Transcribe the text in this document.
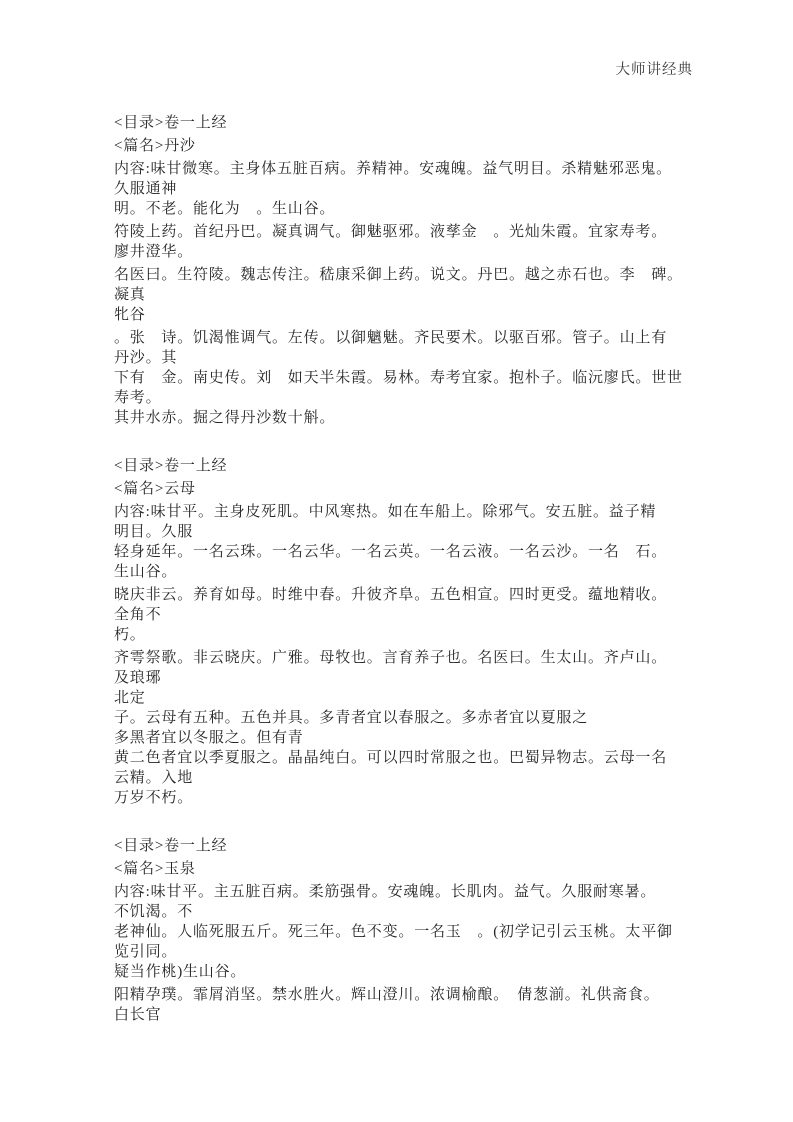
大师讲经典
<目录>卷一上经
<篇名>丹沙
内容:味甘微寒。主身体五脏百病。养精神。安魂魄。益气明目。杀精魅邪恶鬼。
久服通神
明。不老。能化为　。生山谷。
符陵上药。首纪丹巴。凝真调气。御魅驱邪。液孳金　。光灿朱霞。宜家寿考。
廖井澄华。
名医曰。生符陵。魏志传注。嵇康采御上药。说文。丹巴。越之赤石也。李　碑。
凝真
牝谷
。张　诗。饥渴惟调气。左传。以御魑魅。齐民要术。以驱百邪。管子。山上有
丹沙。其
下有　金。南史传。刘　如天半朱霞。易林。寿考宜家。抱朴子。临沅廖氏。世世
寿考。
其井水赤。掘之得丹沙数十斛。
<目录>卷一上经
<篇名>云母
内容:味甘平。主身皮死肌。中风寒热。如在车船上。除邪气。安五脏。益子精
明目。久服
轻身延年。一名云珠。一名云华。一名云英。一名云液。一名云沙。一名　石。
生山谷。
晓庆非云。养育如母。时维中春。升彼齐阜。五色相宣。四时更受。蕴地精收。
全角不
朽。
齐雩祭歌。非云晓庆。广雅。母牧也。言育养子也。名医曰。生太山。齐卢山。
及琅琊
北定
子。云母有五种。五色并具。多青者宜以春服之。多赤者宜以夏服之
多黑者宜以冬服之。但有青
黄二色者宜以季夏服之。晶晶纯白。可以四时常服之也。巴蜀异物志。云母一名
云精。入地
万岁不朽。
<目录>卷一上经
<篇名>玉泉
内容:味甘平。主五脏百病。柔筋强骨。安魂魄。长肌肉。益气。久服耐寒暑。
不饥渴。不
老神仙。人临死服五斤。死三年。色不变。一名玉　。(初学记引云玉桃。太平御
览引同。
疑当作桃)生山谷。
阳精孕璞。霏屑消坚。禁水胜火。辉山澄川。浓调榆酿。　倩葱湔。礼供斋食。
白长官
